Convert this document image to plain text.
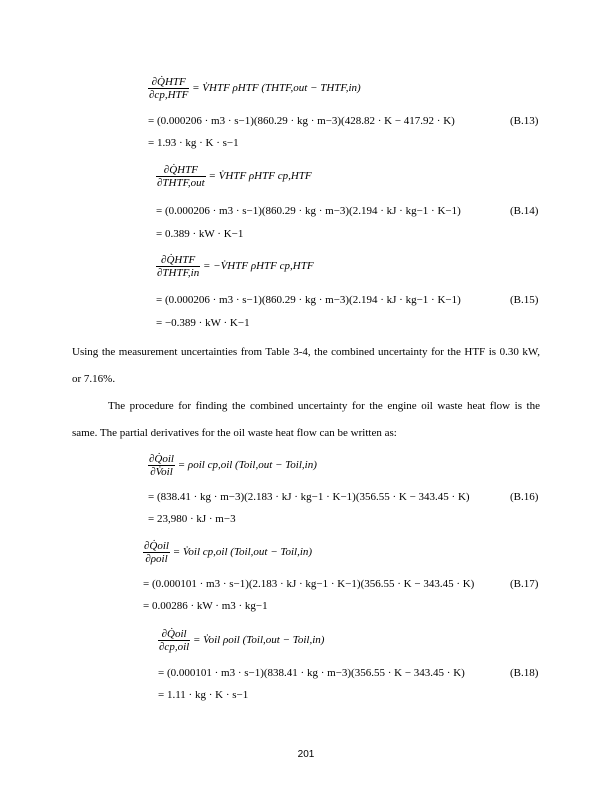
$\frac{\text{∂Q̇HTF}}{\text{∂cp,HTF}}$ = V̇HTF ρHTF (THTF,out − THTF,in)
= (0.000206 · m3 · s−1)(860.29 · kg · m−3)(428.82 · K − 417.92 · K)	(B.13)
= 1.93 · kg · K · s−1
$\frac{\text{∂Q̇HTF}}{\text{∂THTF,out}}$ = V̇HTF ρHTF cp,HTF
= (0.000206 · m3 · s−1)(860.29 · kg · m−3)(2.194 · kJ · kg−1 · K−1)	(B.14)
= 0.389 · kW · K−1
$\frac{\text{∂Q̇HTF}}{\text{∂THTF,in}}$ = −V̇HTF ρHTF cp,HTF
= (0.000206 · m3 · s−1)(860.29 · kg · m−3)(2.194 · kJ · kg−1 · K−1)	(B.15)
= −0.389 · kW · K−1
Using the measurement uncertainties from Table 3-4, the combined uncertainty for the HTF is 0.30 kW, or 7.16%.
The procedure for finding the combined uncertainty for the engine oil waste heat flow is the same. The partial derivatives for the oil waste heat flow can be written as:
$\frac{\text{∂Q̇oil}}{\text{∂V̇oil}} = \rho oil$ cp,oil (Toil,out − Toil,in)
= (838.41 · kg · m−3)(2.183 · kJ · kg−1 · K−1)(356.55 · K − 343.45 · K)	(B.16)
= 23,980 · kJ · m−3
$\frac{\text{∂Q̇oil}}{\text{∂ρoil}}$ = V̇oil cp,oil (Toil,out − Toil,in)
= (0.000101 · m3 · s−1)(2.183 · kJ · kg−1 · K−1)(356.55 · K − 343.45 · K)	(B.17)
= 0.00286 · kW · m3 · kg−1
$\frac{\text{∂Q̇oil}}{\text{∂cp,oil}}$ = V̇oil ρoil (Toil,out − Toil,in)
= (0.000101 · m3 · s−1)(838.41 · kg · m−3)(356.55 · K − 343.45 · K)	(B.18)
= 1.11 · kg · K · s−1
201
